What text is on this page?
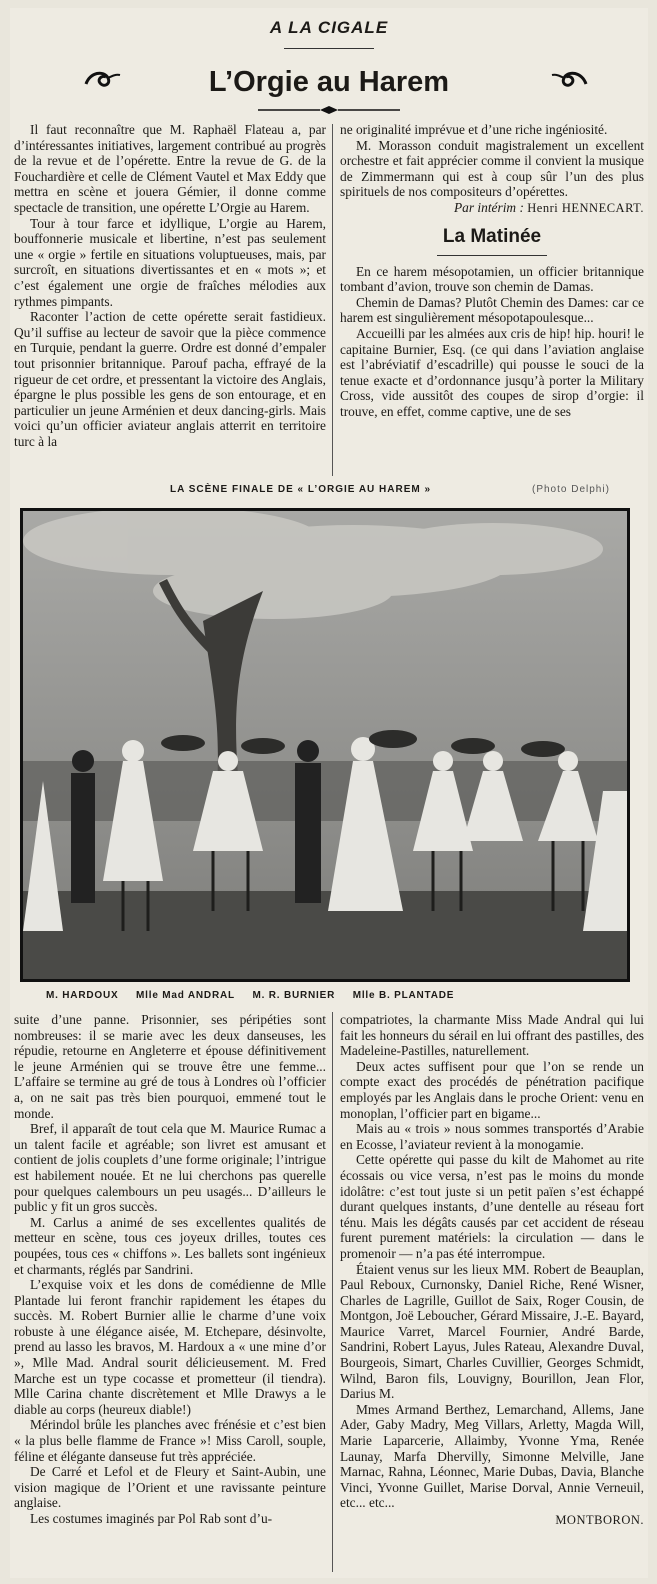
A LA CIGALE
L’Orgie au Harem

Il faut reconnaître que M. Raphaël Flateau a, par d’intéressantes initiatives, largement contribué au progrès de la revue et de l’opérette. Entre la revue de G. de la Fouchardière et celle de Clément Vautel et Max Eddy que mettra en scène et jouera Gémier, il donne comme spectacle de transition, une opérette L’Orgie au Harem.

Tour à tour farce et idyllique, L’orgie au Harem, bouffonnerie musicale et libertine, n’est pas seulement une « orgie » fertile en situations voluptueuses, mais, par surcroît, en situations divertissantes et en « mots »; et c’est également une orgie de fraîches mélodies aux rythmes pimpants.

Raconter l’action de cette opérette serait fastidieux. Qu’il suffise au lecteur de savoir que la pièce commence en Turquie, pendant la guerre. Ordre est donné d’empaler tout prisonnier britannique. Parouf pacha, effrayé de la rigueur de cet ordre, et pressentant la victoire des Anglais, épargne le plus possible les gens de son entourage, et en particulier un jeune Arménien et deux dancing-girls. Mais voici qu’un officier aviateur anglais atterrit en territoire turc à la

ne originalité imprévue et d’une riche ingéniosité.

M. Morasson conduit magistralement un excellent orchestre et fait apprécier comme il convient la musique de Zimmermann qui est à coup sûr l’un des plus spirituels de nos compositeurs d’opérettes.

Par intérim : Henri HENNECART.

La Matinée

En ce harem mésopotamien, un officier britannique tombant d’avion, trouve son chemin de Damas.

Chemin de Damas? Plutôt Chemin des Dames: car ce harem est singulièrement mésopotapoulesque...

Accueilli par les almées aux cris de hip! hip. houri! le capitaine Burnier, Esq. (ce qui dans l’aviation anglaise est l’abréviatif d’escadrille) qui pousse le souci de la tenue exacte et d’ordonnance jusqu’à porter la Military Cross, vide aussitôt des coupes de sirop d’orgie: il trouve, en effet, comme captive, une de ses

LA SCÈNE FINALE DE « L’ORGIE AU HAREM »	(Photo Delphi)
M. HARDOUX Mlle Mad ANDRAL M. R. BURNIER Mlle B. PLANTADE

suite d’une panne. Prisonnier, ses péripéties sont nombreuses: il se marie avec les deux danseuses, les répudie, retourne en Angleterre et épouse définitivement le jeune Arménien qui se trouve être une femme... L’affaire se termine au gré de tous à Londres où l’officier a, on ne sait pas très bien pourquoi, emmené tout le monde.

Bref, il apparaît de tout cela que M. Maurice Rumac a un talent facile et agréable; son livret est amusant et contient de jolis couplets d’une forme originale; l’intrigue est habilement nouée. Et ne lui cherchons pas querelle pour quelques calembours un peu usagés... D’ailleurs le public y fit un gros succès.

M. Carlus a animé de ses excellentes qualités de metteur en scène, tous ces joyeux drilles, toutes ces poupées, tous ces « chiffons ». Les ballets sont ingénieux et charmants, réglés par Sandrini.

L’exquise voix et les dons de comédienne de Mlle Plantade lui feront franchir rapidement les étapes du succès. M. Robert Burnier allie le charme d’une voix robuste à une élégance aisée, M. Etchepare, désinvolte, prend au lasso les bravos, M. Hardoux a « une mine d’or », Mlle Mad. Andral sourit délicieusement. M. Fred Marche est un type cocasse et prometteur (il tiendra). Mlle Carina chante discrètement et Mlle Drawys a le diable au corps (heureux diable!)

Mérindol brûle les planches avec frénésie et c’est bien « la plus belle flamme de France »! Miss Caroll, souple, féline et élégante danseuse fut très appréciée.

De Carré et Lefol et de Fleury et Saint-Aubin, une vision magique de l’Orient et une ravissante peinture anglaise.

Les costumes imaginés par Pol Rab sont d’u-

compatriotes, la charmante Miss Made Andral qui lui fait les honneurs du sérail en lui offrant des pastilles, des Madeleine-Pastilles, naturellement.

Deux actes suffisent pour que l’on se rende un compte exact des procédés de pénétration pacifique employés par les Anglais dans le proche Orient: venu en monoplan, l’officier part en bigame...

Mais au « trois » nous sommes transportés d’Arabie en Ecosse, l’aviateur revient à la monogamie.

Cette opérette qui passe du kilt de Mahomet au rite écossais ou vice versa, n’est pas le moins du monde idolâtre: c’est tout juste si un petit païen s’est échappé durant quelques instants, d’une dentelle au réseau fort ténu. Mais les dégâts causés par cet accident de réseau furent purement matériels: la circulation — dans le promenoir — n’a pas été interrompue.

Étaient venus sur les lieux MM. Robert de Beauplan, Paul Reboux, Curnonsky, Daniel Riche, René Wisner, Charles de Lagrille, Guillot de Saix, Roger Cousin, de Montgon, Joë Leboucher, Gérard Missaire, J.-E. Bayard, Maurice Varret, Marcel Fournier, André Barde, Sandrini, Robert Layus, Jules Rateau, Alexandre Duval, Bourgeois, Simart, Charles Cuvillier, Georges Schmidt, Wilnd, Baron fils, Louvigny, Bourillon, Jean Flor, Darius M.

Mmes Armand Berthez, Lemarchand, Allems, Jane Ader, Gaby Madry, Meg Villars, Arletty, Magda Will, Marie Laparcerie, Allaimby, Yvonne Yma, Renée Launay, Marfa Dhervilly, Simonne Melville, Jane Marnac, Rahna, Léonnec, Marie Dubas, Davia, Blanche Vinci, Yvonne Guillet, Marise Dorval, Annie Verneuil, etc... etc...

MONTBORON.
